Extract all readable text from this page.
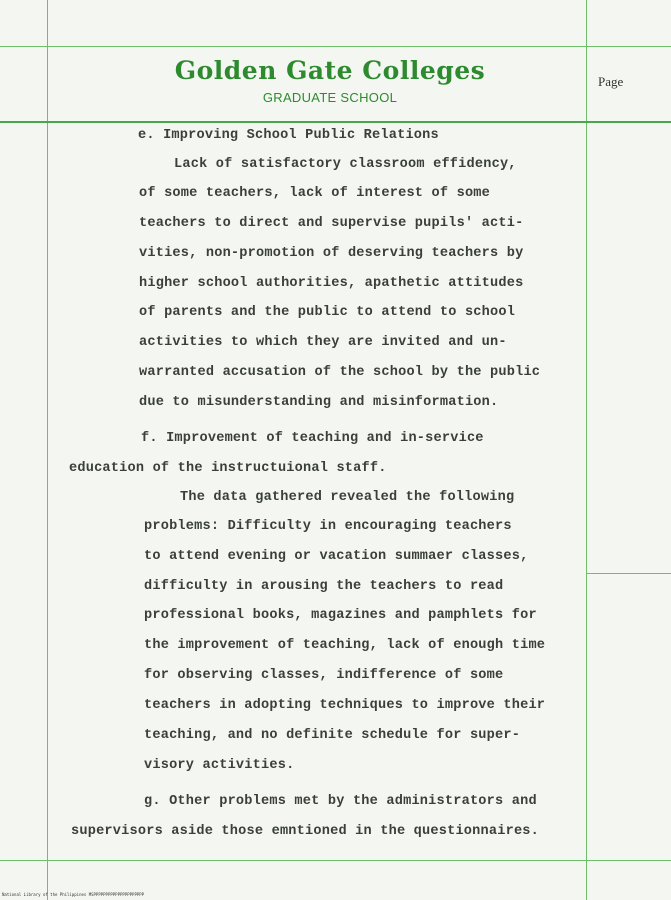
Golden Gate Colleges
GRADUATE SCHOOL
Page
e. Improving School Public Relations
Lack of satisfactory classroom effidency,
of some teachers, lack of interest of some
teachers to direct and supervise pupils' acti-
vities, non-promotion of deserving teachers by
higher school authorities, apathetic attitudes
of parents and the public to attend to school
activities to which they are invited and un-
warranted accusation of the school by the public
due to misunderstanding and misinformation.
f. Improvement of teaching and in-service
education of the instructuional staff.
The data gathered revealed the following
problems: Difficulty in encouraging teachers
to attend evening or vacation summaer classes,
difficulty in arousing the teachers to read
professional books, magazines and pamphlets for
the improvement of teaching, lack of enough time
for observing classes, indifference of some
teachers in adopting techniques to improve their
teaching, and no definite schedule for super-
visory activities.
g. Other problems met by the administrators and
supervisors aside those emntioned in the questionnaires.
National Library of the Philippines MSPPPPPPPPPPPPPPPPPPPPP
